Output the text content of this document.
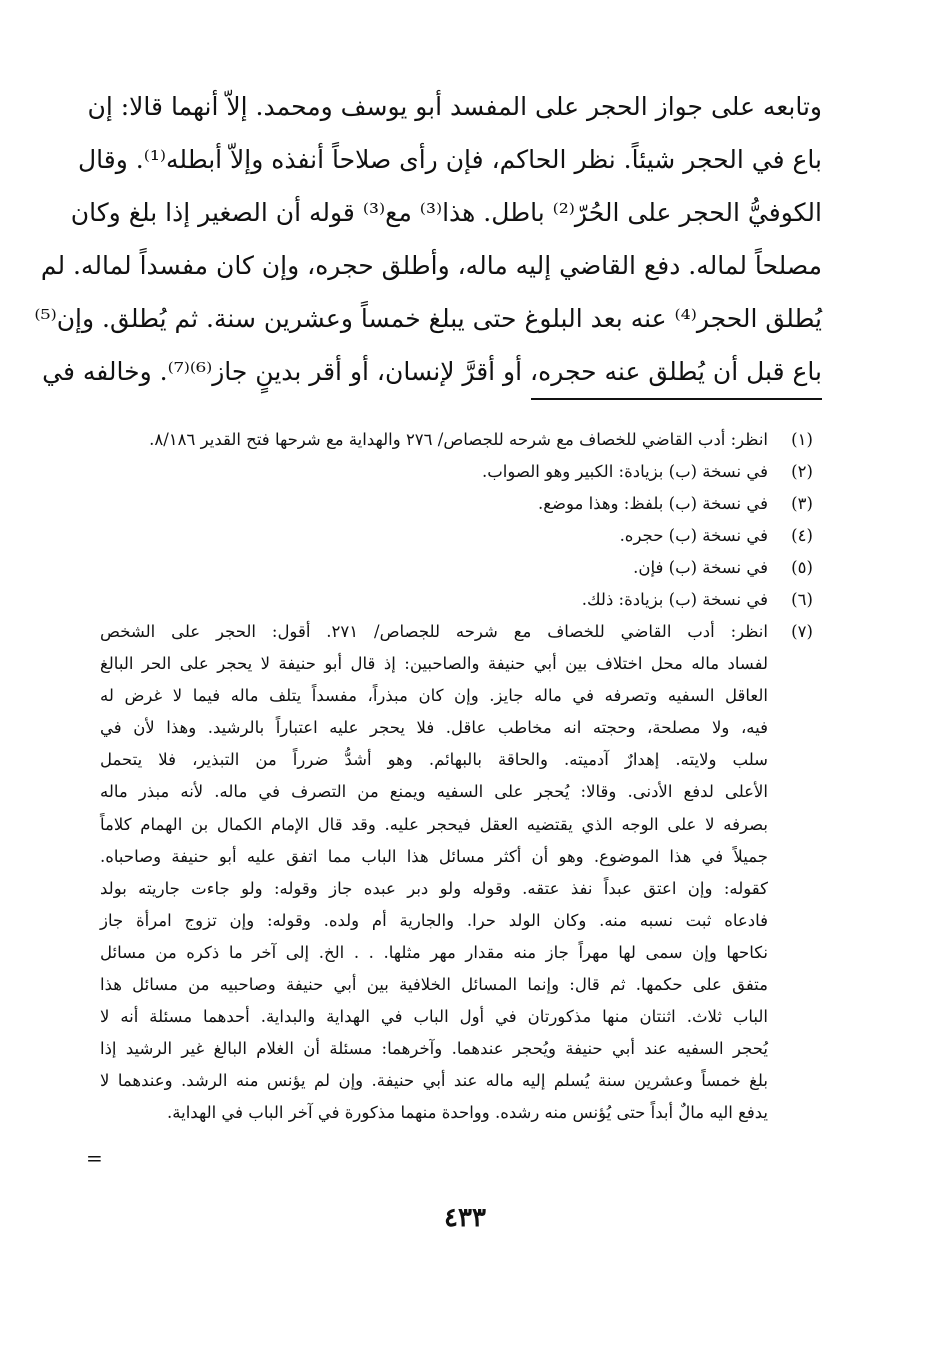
وتابعه على جواز الحجر على المفسد أبو يوسف ومحمد. إلاّ أنهما قالا: إن
باع في الحجر شيئاً. نظر الحاكم، فإن رأى صلاحاً أنفذه وإلاّ أبطله⁽¹⁾. وقال
الكوفيُّ الحجر على الحُرّ⁽²⁾ باطل. هذا⁽³⁾ مع⁽³⁾ قوله أن الصغير إذا بلغ وكان
مصلحاً لماله. دفع القاضي إليه ماله، وأطلق حجره، وإن كان مفسداً لماله. لم
يُطلق الحجر⁽⁴⁾ عنه بعد البلوغ حتى يبلغ خمساً وعشرين سنة. ثم يُطلق. وإن⁽⁵⁾
باع قبل أن يُطلق عنه حجره، أو أقرَّ لإنسان، أو أقر بدينٍ جاز⁽⁶⁾⁽⁷⁾. وخالفه في
(١)
انظر: أدب القاضي للخصاف مع شرحه للجصاص/ ٢٧٦ والهداية مع شرحها فتح القدير ٨/١٨٦.
(٢)
في نسخة (ب) بزيادة: الكبير وهو الصواب.
(٣)
في نسخة (ب) بلفظ: وهذا موضع.
(٤)
في نسخة (ب) حجره.
(٥)
في نسخة (ب) فإن.
(٦)
في نسخة (ب) بزيادة: ذلك.
(٧)
انظر: أدب القاضي للخصاف مع شرحه للجصاص/ ٢٧١. أقول: الحجر على الشخص
لفساد ماله محل اختلاف بين أبي حنيفة والصاحبين: إذ قال أبو حنيفة لا يحجر على الحر البالغ
العاقل السفيه وتصرفه في ماله جايز. وإن كان مبذراً، مفسداً يتلف ماله فيما لا غرض له
فيه، ولا مصلحة، وحجته انه مخاطب عاقل. فلا يحجر عليه اعتباراً بالرشيد. وهذا لأن في
سلب ولايته. إهدارٌ آدميته. والحاقة بالبهائم. وهو أشدُّ ضرراً من التبذير، فلا يتحمل
الأعلى لدفع الأدنى. وقالا: يُحجر على السفيه ويمنع من التصرف في ماله. لأنه مبذر ماله
بصرفه لا على الوجه الذي يقتضيه العقل فيحجر عليه. وقد قال الإمام الكمال بن الهمام كلاماً
جميلاً في هذا الموضوع. وهو أن أكثر مسائل هذا الباب مما اتفق عليه أبو حنيفة وصاحباه.
كقوله: وإن اعتق عبداً نفذ عتقه. وقوله ولو دبر عبده جاز وقوله: ولو جاءت جاريته بولد
فادعاه ثبت نسبه منه. وكان الولد حرا. والجارية أم ولده. وقوله: وإن تزوج امرأة جاز
نكاحها وإن سمى لها مهراً جاز منه مقدار مهر مثلها. . . الخ. إلى آخر ما ذكره من مسائل
متفق على حكمها. ثم قال: وإنما المسائل الخلافية بين أبي حنيفة وصاحبيه من مسائل هذا
الباب ثلاث. اثنتان منها مذكورتان في أول الباب في الهداية والبداية. أحدهما مسئلة أنه لا
يُحجر السفيه عند أبي حنيفة ويُحجر عندهما. وآخرهما: مسئلة أن الغلام البالغ غير الرشيد إذا
بلغ خمساً وعشرين سنة يُسلم إليه ماله عند أبي حنيفة. وإن لم يؤنس منه الرشد. وعندهما لا
يدفع اليه مالٌ أبداً حتى يُؤنس منه رشده. وواحدة منهما مذكورة في آخر الباب في الهداية.
=
٤٣٣
